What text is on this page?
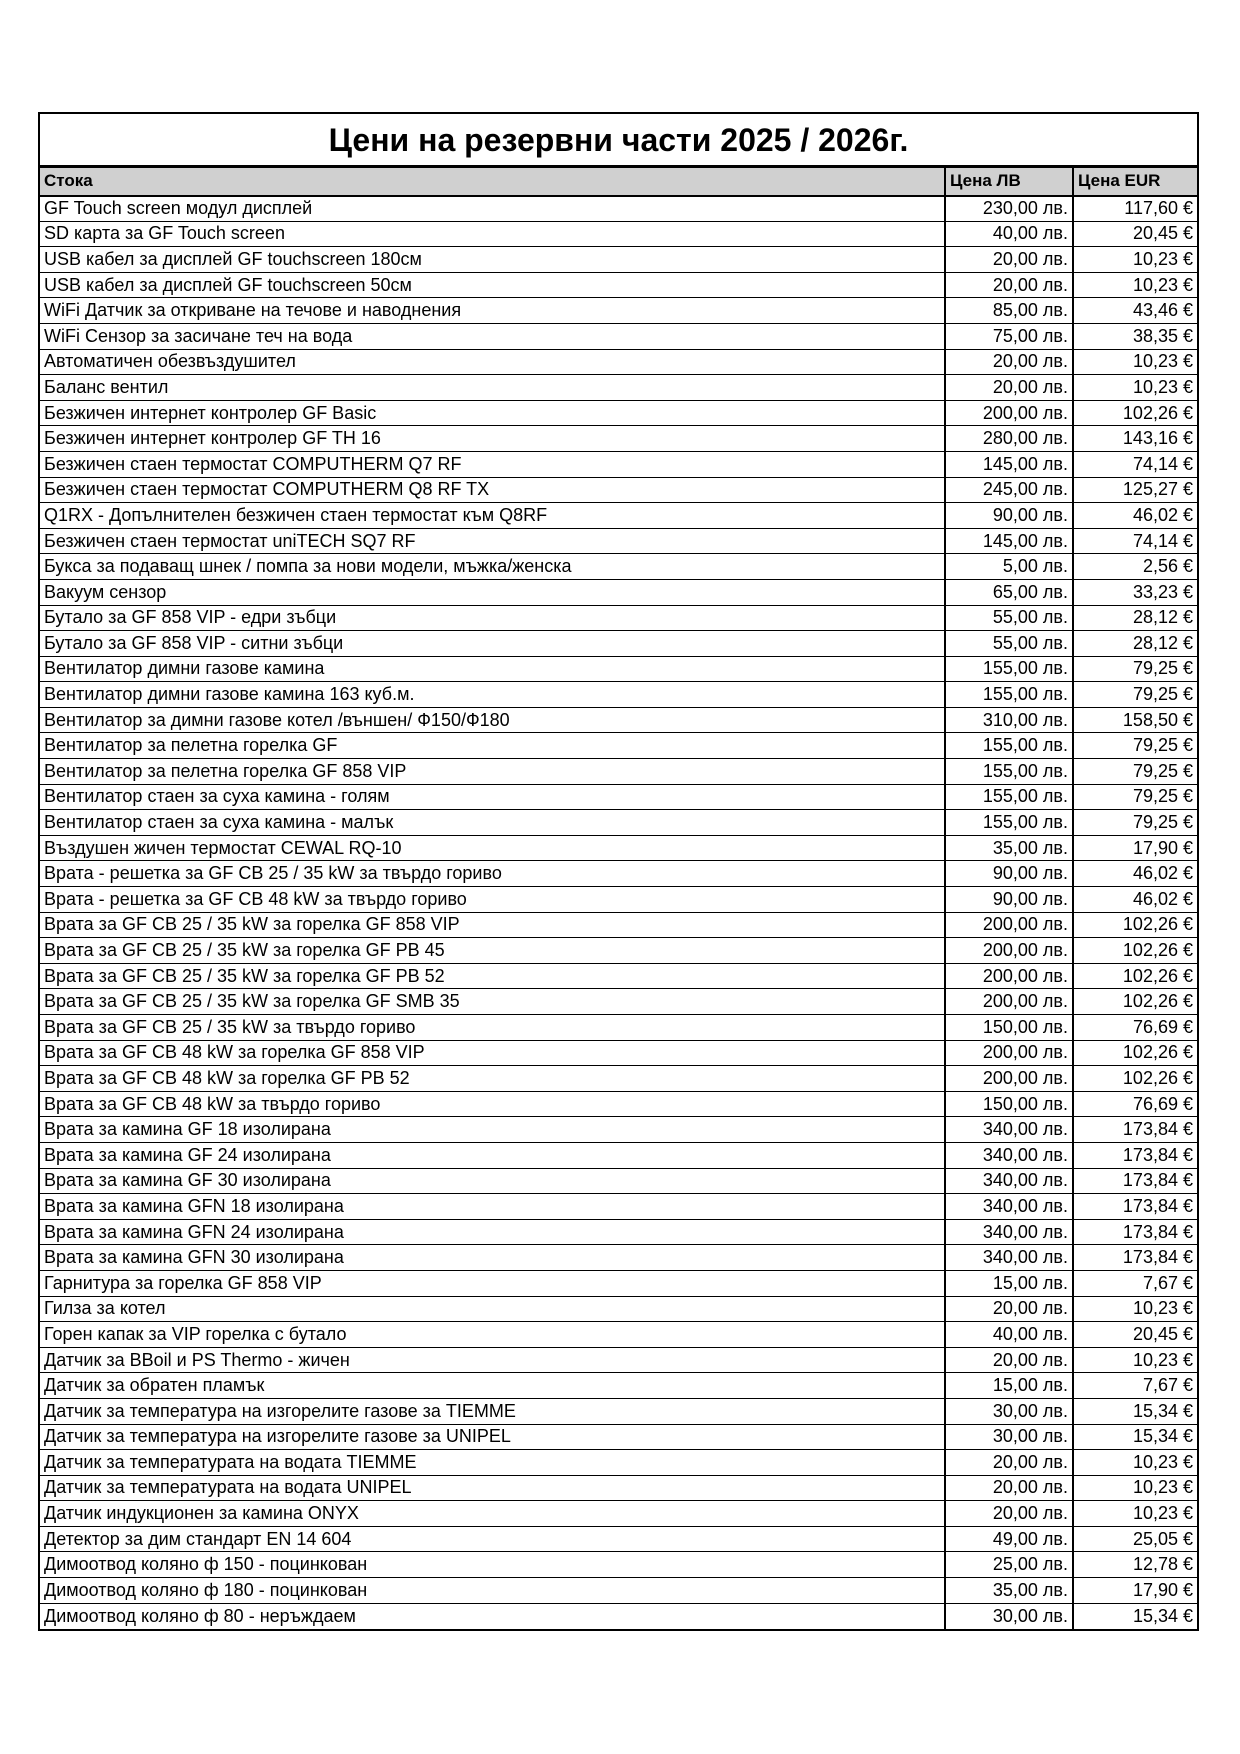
Цени на резервни части 2025 / 2026г.
Стока	Цена ЛВ	Цена EUR
GF Touch screen модул дисплей	230,00 лв.	117,60 €
SD карта за GF Touch screen	40,00 лв.	20,45 €
USB кабел за дисплей GF touchscreen 180см	20,00 лв.	10,23 €
USB кабел за дисплей GF touchscreen 50см	20,00 лв.	10,23 €
WiFi Датчик за откриване на течове и наводнения	85,00 лв.	43,46 €
WiFi Сензор за засичане теч на вода	75,00 лв.	38,35 €
Автоматичен обезвъздушител	20,00 лв.	10,23 €
Баланс вентил	20,00 лв.	10,23 €
Безжичен интернет контролер GF Basic	200,00 лв.	102,26 €
Безжичен интернет контролер GF TH 16	280,00 лв.	143,16 €
Безжичен стаен термостат COMPUTHERM Q7 RF	145,00 лв.	74,14 €
Безжичен стаен термостат COMPUTHERM Q8 RF TX	245,00 лв.	125,27 €
Q1RX - Допълнителен безжичен стаен термостат към Q8RF	90,00 лв.	46,02 €
Безжичен стаен термостат uniTECH SQ7 RF	145,00 лв.	74,14 €
Букса за подаващ шнек / помпа за нови модели, мъжка/женска	5,00 лв.	2,56 €
Вакуум сензор	65,00 лв.	33,23 €
Бутало за GF 858 VIP - едри зъбци	55,00 лв.	28,12 €
Бутало за GF 858 VIP - ситни зъбци	55,00 лв.	28,12 €
Вентилатор димни газове камина	155,00 лв.	79,25 €
Вентилатор димни газове камина 163 куб.м.	155,00 лв.	79,25 €
Вентилатор за димни газове котел /външен/ Ф150/Ф180	310,00 лв.	158,50 €
Вентилатор за пелетна горелка GF	155,00 лв.	79,25 €
Вентилатор за пелетна горелка GF 858 VIP	155,00 лв.	79,25 €
Вентилатор стаен за суха камина - голям	155,00 лв.	79,25 €
Вентилатор стаен за суха камина - малък	155,00 лв.	79,25 €
Въздушен жичен термостат CEWAL RQ-10	35,00 лв.	17,90 €
Врата - решетка за GF CB 25 / 35 kW за твърдо гориво	90,00 лв.	46,02 €
Врата - решетка за GF CB 48 kW за твърдо гориво	90,00 лв.	46,02 €
Врата за GF CB 25 / 35 kW за горелка GF 858 VIP	200,00 лв.	102,26 €
Врата за GF CB 25 / 35 kW за горелка GF PB 45	200,00 лв.	102,26 €
Врата за GF CB 25 / 35 kW за горелка GF PB 52	200,00 лв.	102,26 €
Врата за GF CB 25 / 35 kW за горелка GF SMB 35	200,00 лв.	102,26 €
Врата за GF CB 25 / 35 kW за твърдо гориво	150,00 лв.	76,69 €
Врата за GF CB 48 kW за горелка GF 858 VIP	200,00 лв.	102,26 €
Врата за GF CB 48 kW за горелка GF PB 52	200,00 лв.	102,26 €
Врата за GF CB 48 kW за твърдо гориво	150,00 лв.	76,69 €
Врата за камина GF 18 изолирана	340,00 лв.	173,84 €
Врата за камина GF 24 изолирана	340,00 лв.	173,84 €
Врата за камина GF 30 изолирана	340,00 лв.	173,84 €
Врата за камина GFN 18 изолирана	340,00 лв.	173,84 €
Врата за камина GFN 24 изолирана	340,00 лв.	173,84 €
Врата за камина GFN 30 изолирана	340,00 лв.	173,84 €
Гарнитура за горелка GF 858 VIP	15,00 лв.	7,67 €
Гилза за котел	20,00 лв.	10,23 €
Горен капак за VIP горелка с бутало	40,00 лв.	20,45 €
Датчик за BBoil и PS Thermo - жичен	20,00 лв.	10,23 €
Датчик за обратен пламък	15,00 лв.	7,67 €
Датчик за температура на изгорелите газове за TIEMME	30,00 лв.	15,34 €
Датчик за температура на изгорелите газове за UNIPEL	30,00 лв.	15,34 €
Датчик за температурата на водата TIEMME	20,00 лв.	10,23 €
Датчик за температурата на водата UNIPEL	20,00 лв.	10,23 €
Датчик индукционен за камина ONYX	20,00 лв.	10,23 €
Детектор за дим стандарт EN 14 604	49,00 лв.	25,05 €
Димоотвод коляно ф 150 - поцинкован	25,00 лв.	12,78 €
Димоотвод коляно ф 180 - поцинкован	35,00 лв.	17,90 €
Димоотвод коляно ф 80 - неръждаем	30,00 лв.	15,34 €
